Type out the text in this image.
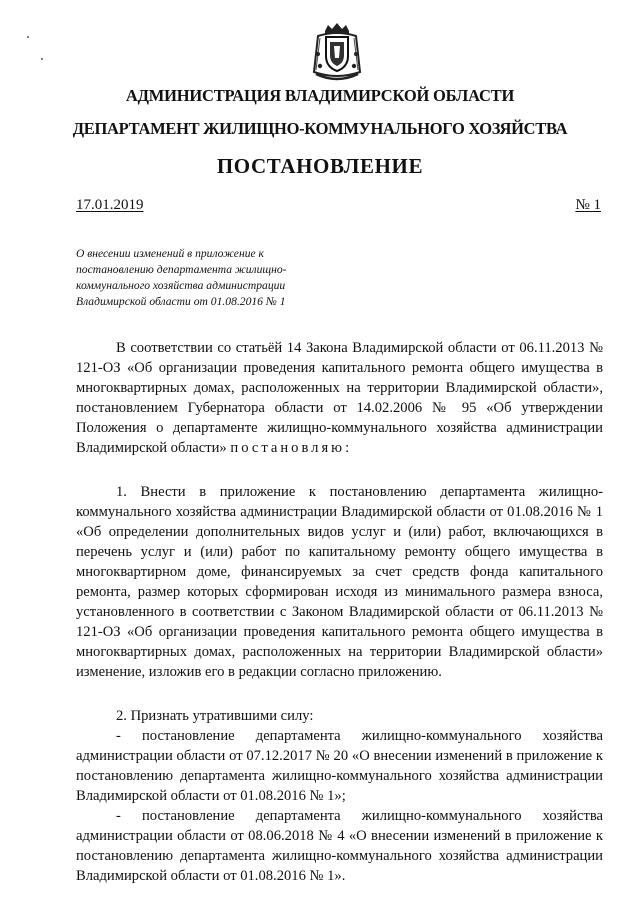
АДМИНИСТРАЦИЯ ВЛАДИМИРСКОЙ ОБЛАСТИ
ДЕПАРТАМЕНТ ЖИЛИЩНО-КОММУНАЛЬНОГО ХОЗЯЙСТВА
ПОСТАНОВЛЕНИЕ
17.01.2019	№ 1
О внесении изменений в приложение к
постановлению департамента жилищно-
коммунального хозяйства администрации
Владимирской области от 01.08.2016 № 1

В соответствии со статьёй 14 Закона Владимирской области от 06.11.2013 № 121-ОЗ «Об организации проведения капитального ремонта общего имущества в многоквартирных домах, расположенных на территории Владимирской области», постановлением Губернатора области от 14.02.2006 № 95 «Об утверждении Положения о департаменте жилищно-коммунального хозяйства администрации Владимирской области» постановляю:

1. Внести в приложение к постановлению департамента жилищно-коммунального хозяйства администрации Владимирской области от 01.08.2016 № 1 «Об определении дополнительных видов услуг и (или) работ, включающихся в перечень услуг и (или) работ по капитальному ремонту общего имущества в многоквартирном доме, финансируемых за счет средств фонда капитального ремонта, размер которых сформирован исходя из минимального размера взноса, установленного в соответствии с Законом Владимирской области от 06.11.2013 № 121-ОЗ «Об организации проведения капитального ремонта общего имущества в многоквартирных домах, расположенных на территории Владимирской области» изменение, изложив его в редакции согласно приложению.

2. Признать утратившими силу:

- постановление департамента жилищно-коммунального хозяйства администрации области от 07.12.2017 № 20 «О внесении изменений в приложение к постановлению департамента жилищно-коммунального хозяйства администрации Владимирской области от 01.08.2016 № 1»;

- постановление департамента жилищно-коммунального хозяйства администрации области от 08.06.2018 № 4 «О внесении изменений в приложение к постановлению департамента жилищно-коммунального хозяйства администрации Владимирской области от 01.08.2016 № 1».
